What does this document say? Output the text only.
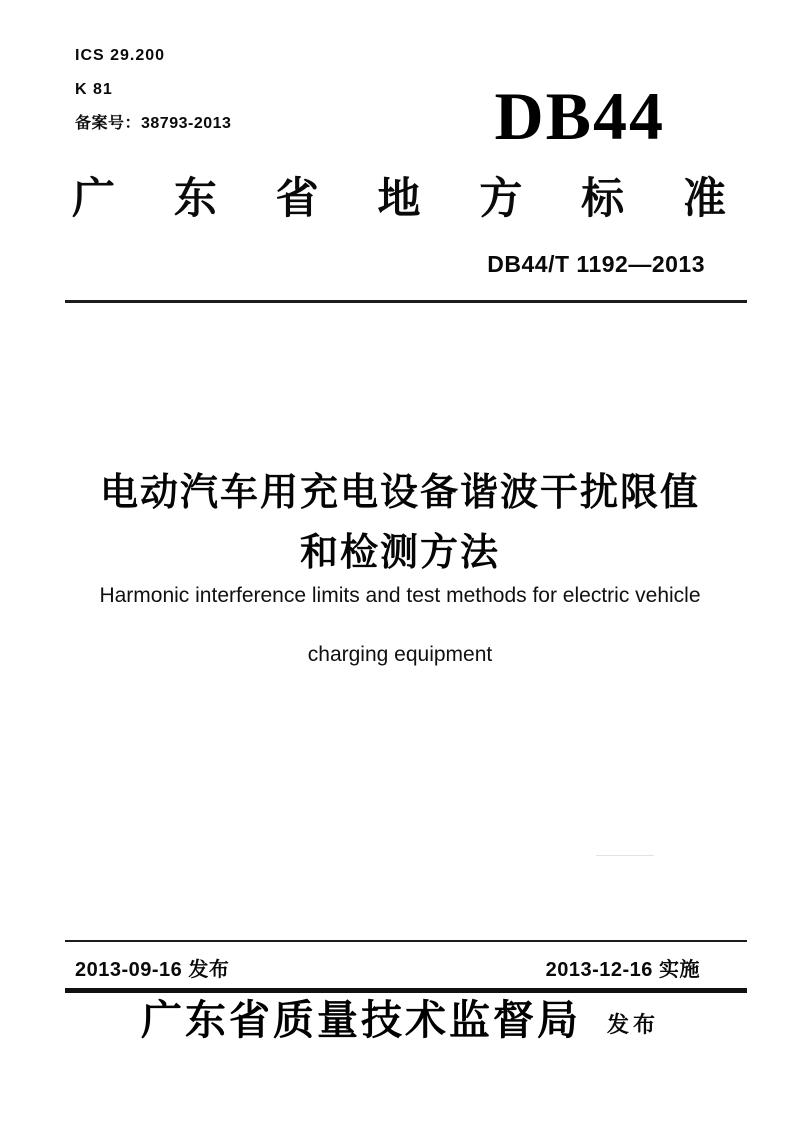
ICS 29.200
K 81
备案号：38793-2013	DB44
广 东 省 地 方 标 准
DB44/T 1192—2013
电动汽车用充电设备谐波干扰限值
和检测方法
Harmonic interference limits and test methods for electric vehicle
charging equipment
2013-09-16 发布	2013-12-16 实施
广东省质量技术监督局 发布
